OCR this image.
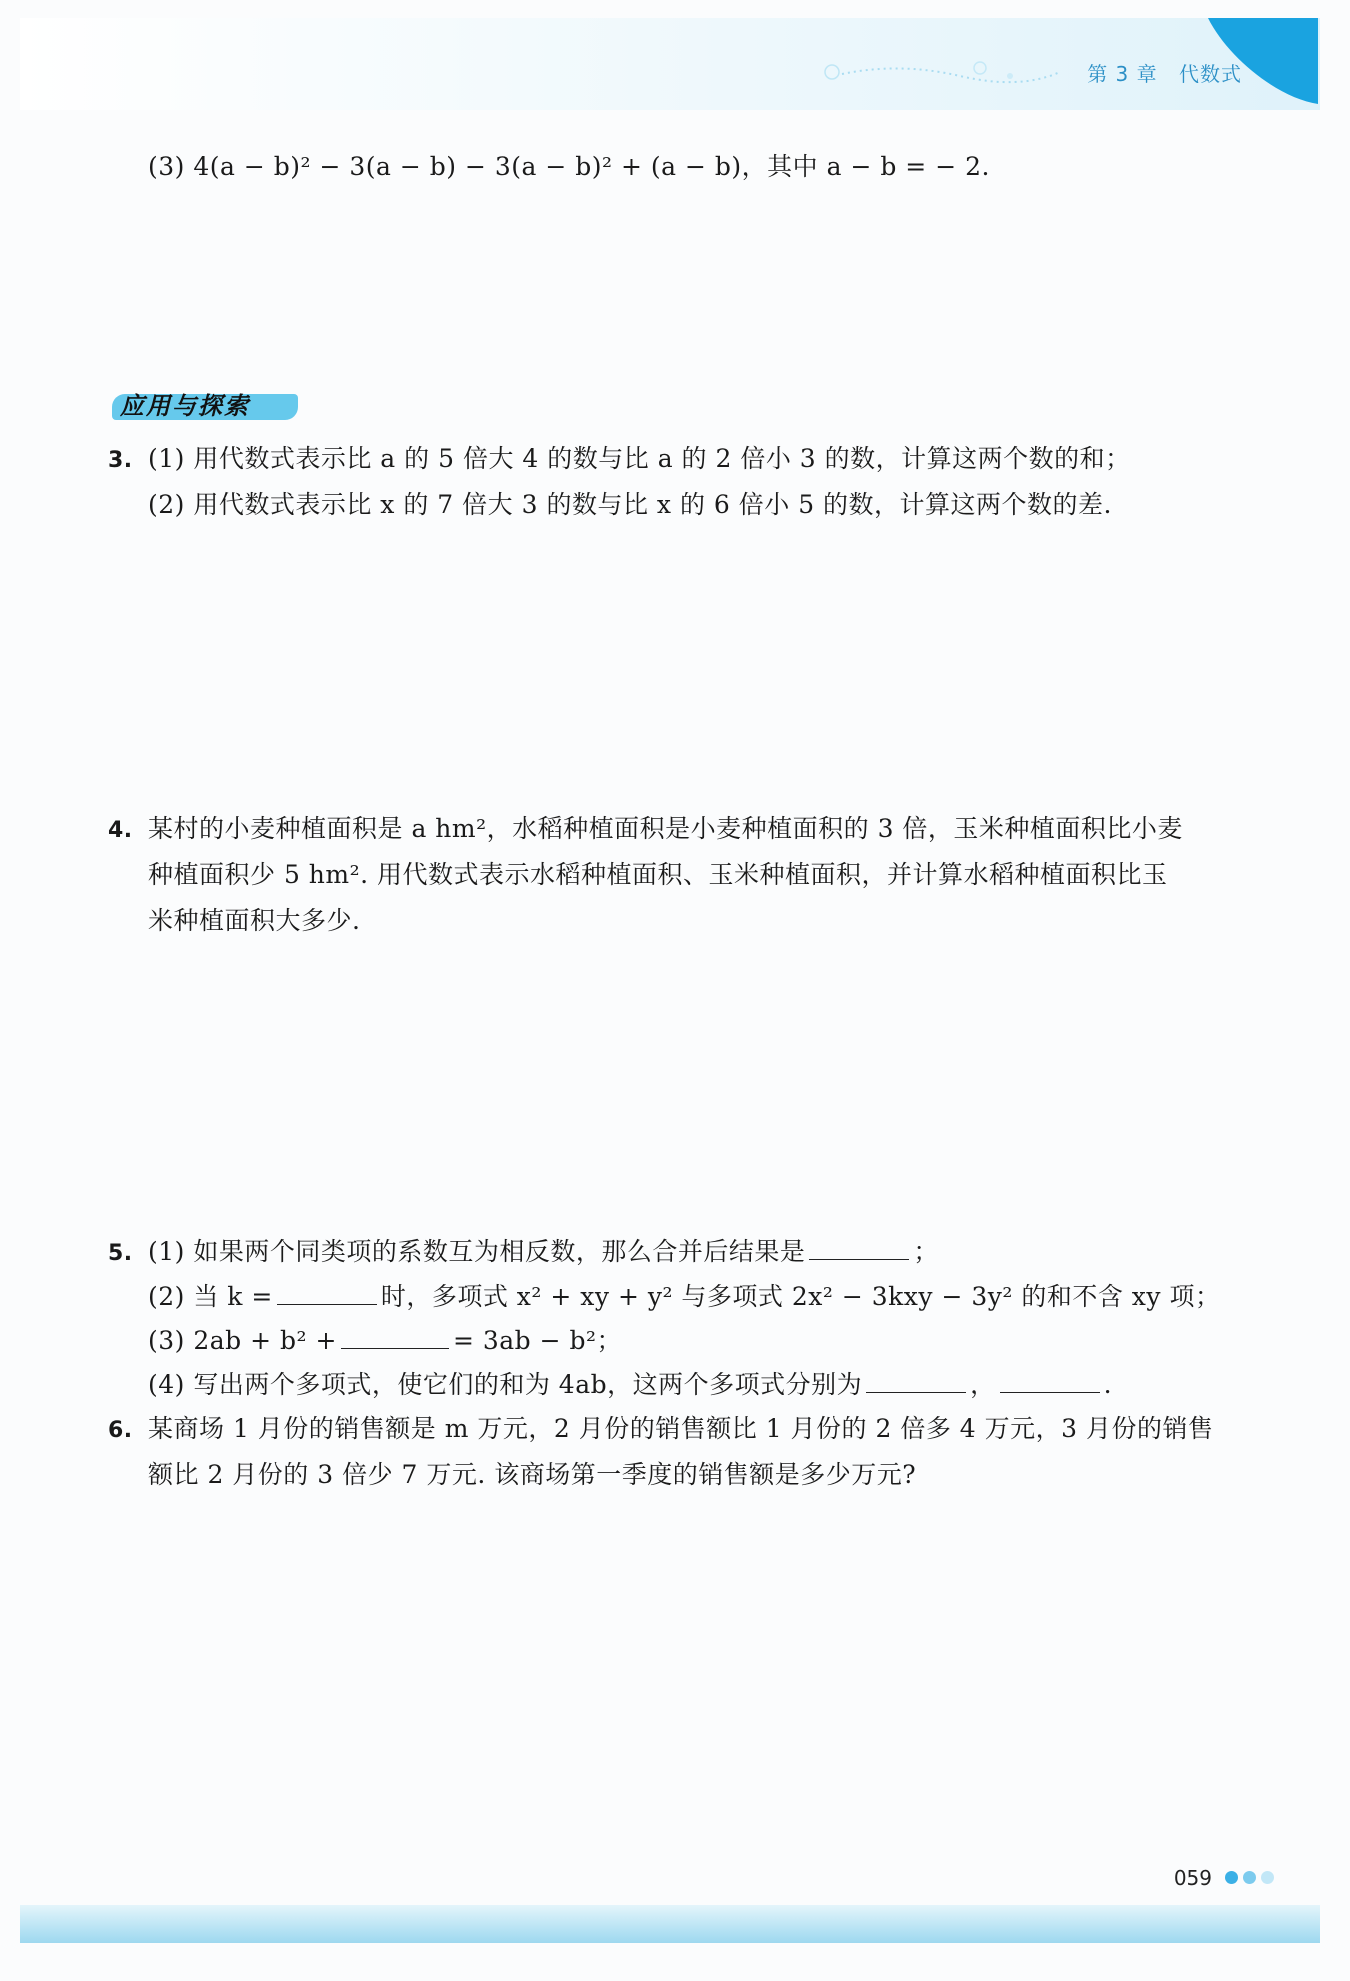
第 3 章 代数式
(3) 4(a − b)² − 3(a − b) − 3(a − b)² + (a − b)，其中 a − b = − 2.
应用与探索
3. (1) 用代数式表示比 a 的 5 倍大 4 的数与比 a 的 2 倍小 3 的数，计算这两个数的和；
(2) 用代数式表示比 x 的 7 倍大 3 的数与比 x 的 6 倍小 5 的数，计算这两个数的差.
4. 某村的小麦种植面积是 a hm²，水稻种植面积是小麦种植面积的 3 倍，玉米种植面积比小麦
种植面积少 5 hm². 用代数式表示水稻种植面积、玉米种植面积，并计算水稻种植面积比玉
米种植面积大多少.
5. (1) 如果两个同类项的系数互为相反数，那么合并后结果是	；
(2) 当 k =	时，多项式 x² + xy + y² 与多项式 2x² − 3kxy − 3y² 的和不含 xy 项；
(3) 2ab + b² +	= 3ab − b²；
(4) 写出两个多项式，使它们的和为 4ab，这两个多项式分别为	，	.
6. 某商场 1 月份的销售额是 m 万元，2 月份的销售额比 1 月份的 2 倍多 4 万元，3 月份的销售
额比 2 月份的 3 倍少 7 万元. 该商场第一季度的销售额是多少万元?
059
